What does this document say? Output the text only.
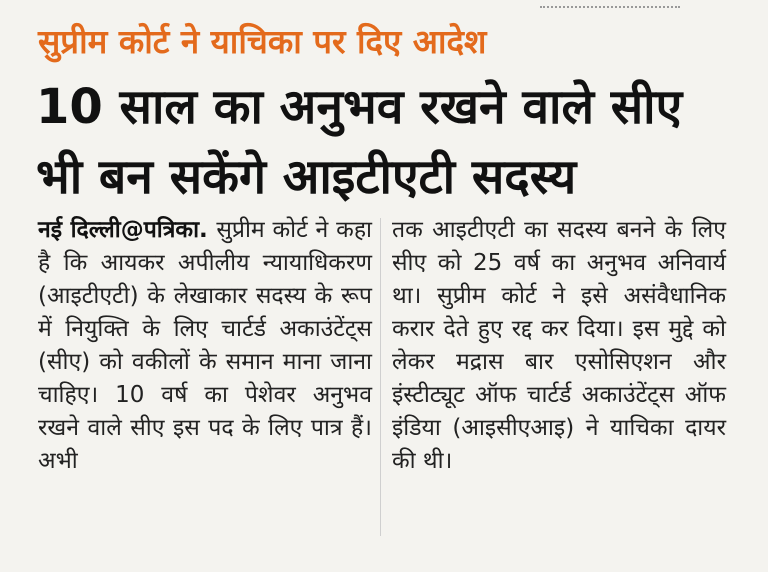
सुप्रीम कोर्ट ने याचिका पर दिए आदेश
10 साल का अनुभव रखने वाले सीए
भी बन सकेंगे आइटीएटी सदस्य
नई दिल्ली@पत्रिका. सुप्रीम कोर्ट ने कहा है कि आयकर अपीलीय न्यायाधिकरण (आइटीएटी) के लेखाकार सदस्य के रूप में नियुक्ति के लिए चार्टर्ड अकाउंटेंट्स (सीए) को वकीलों के समान माना जाना चाहिए। 10 वर्ष का पेशेवर अनुभव रखने वाले सीए इस पद के लिए पात्र हैं। अभी
तक आइटीएटी का सदस्य बनने के लिए सीए को 25 वर्ष का अनुभव अनिवार्य था। सुप्रीम कोर्ट ने इसे असंवैधानिक करार देते हुए रद्द कर दिया। इस मुद्दे को लेकर मद्रास बार एसोसिएशन और इंस्टीट्यूट ऑफ चार्टर्ड अकाउंटेंट्स ऑफ इंडिया (आइसीएआइ) ने याचिका दायर की थी।
